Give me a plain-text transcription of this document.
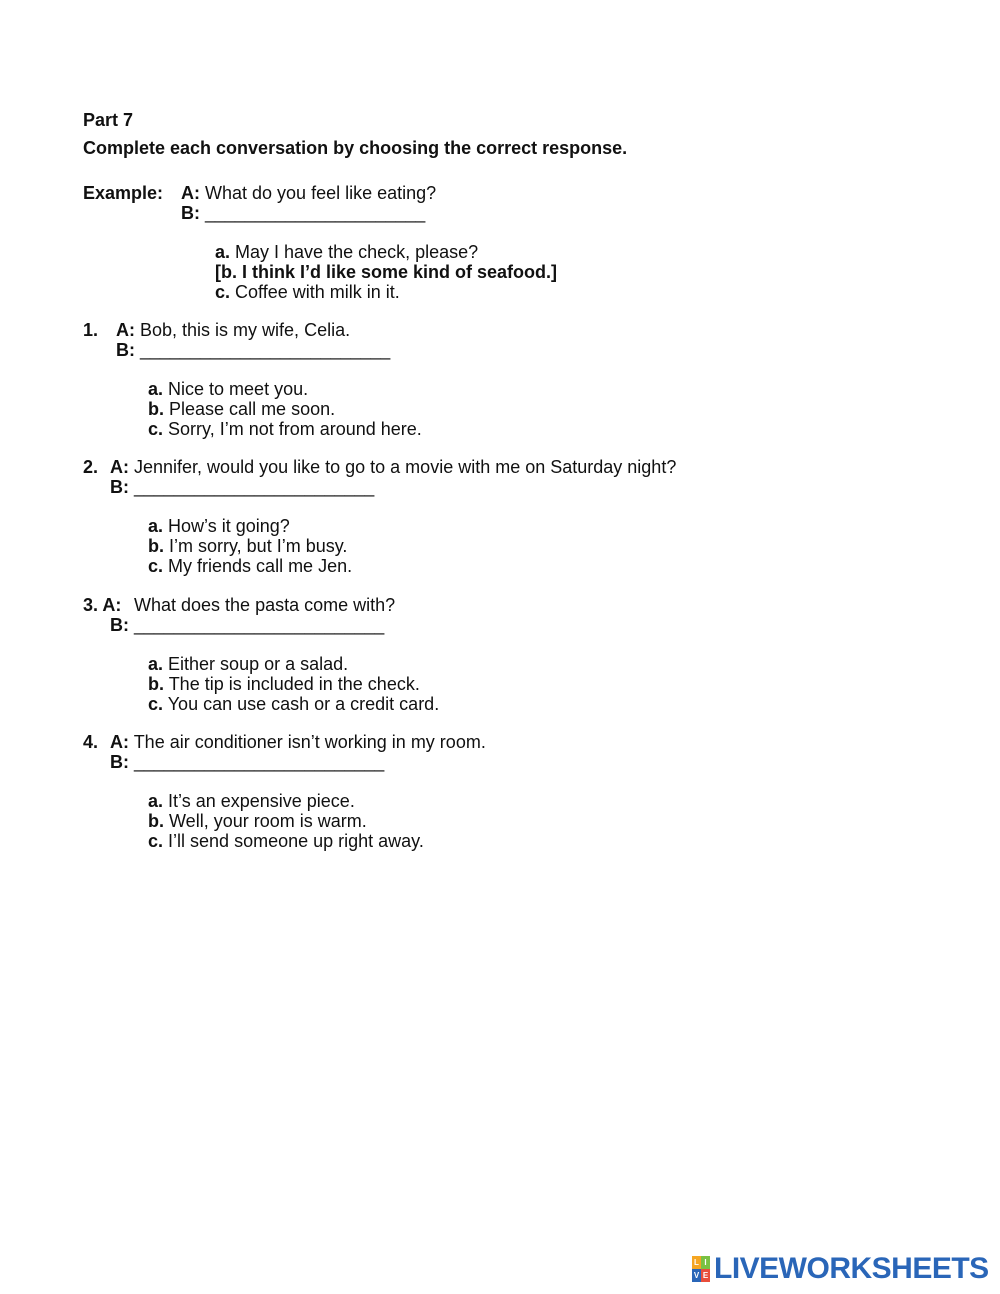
Part 7
Complete each conversation by choosing the correct response.
Example: A: What do you feel like eating?
B: ______________________
a. May I have the check, please?
[b. I think I’d like some kind of seafood.]
c. Coffee with milk in it.
1. A: Bob, this is my wife, Celia.
B: _________________________
a. Nice to meet you.
b. Please call me soon.
c. Sorry, I’m not from around here.
2. A: Jennifer, would you like to go to a movie with me on Saturday night?
B: ________________________
a. How’s it going?
b. I’m sorry, but I’m busy.
c. My friends call me Jen.
3. A: What does the pasta come with?
B: _________________________
a. Either soup or a salad.
b. The tip is included in the check.
c. You can use cash or a credit card.
4. A: The air conditioner isn’t working in my room.
B: _________________________
a. It’s an expensive piece.
b. Well, your room is warm.
c. I’ll send someone up right away.
L I
V E LIVEWORKSHEETS
